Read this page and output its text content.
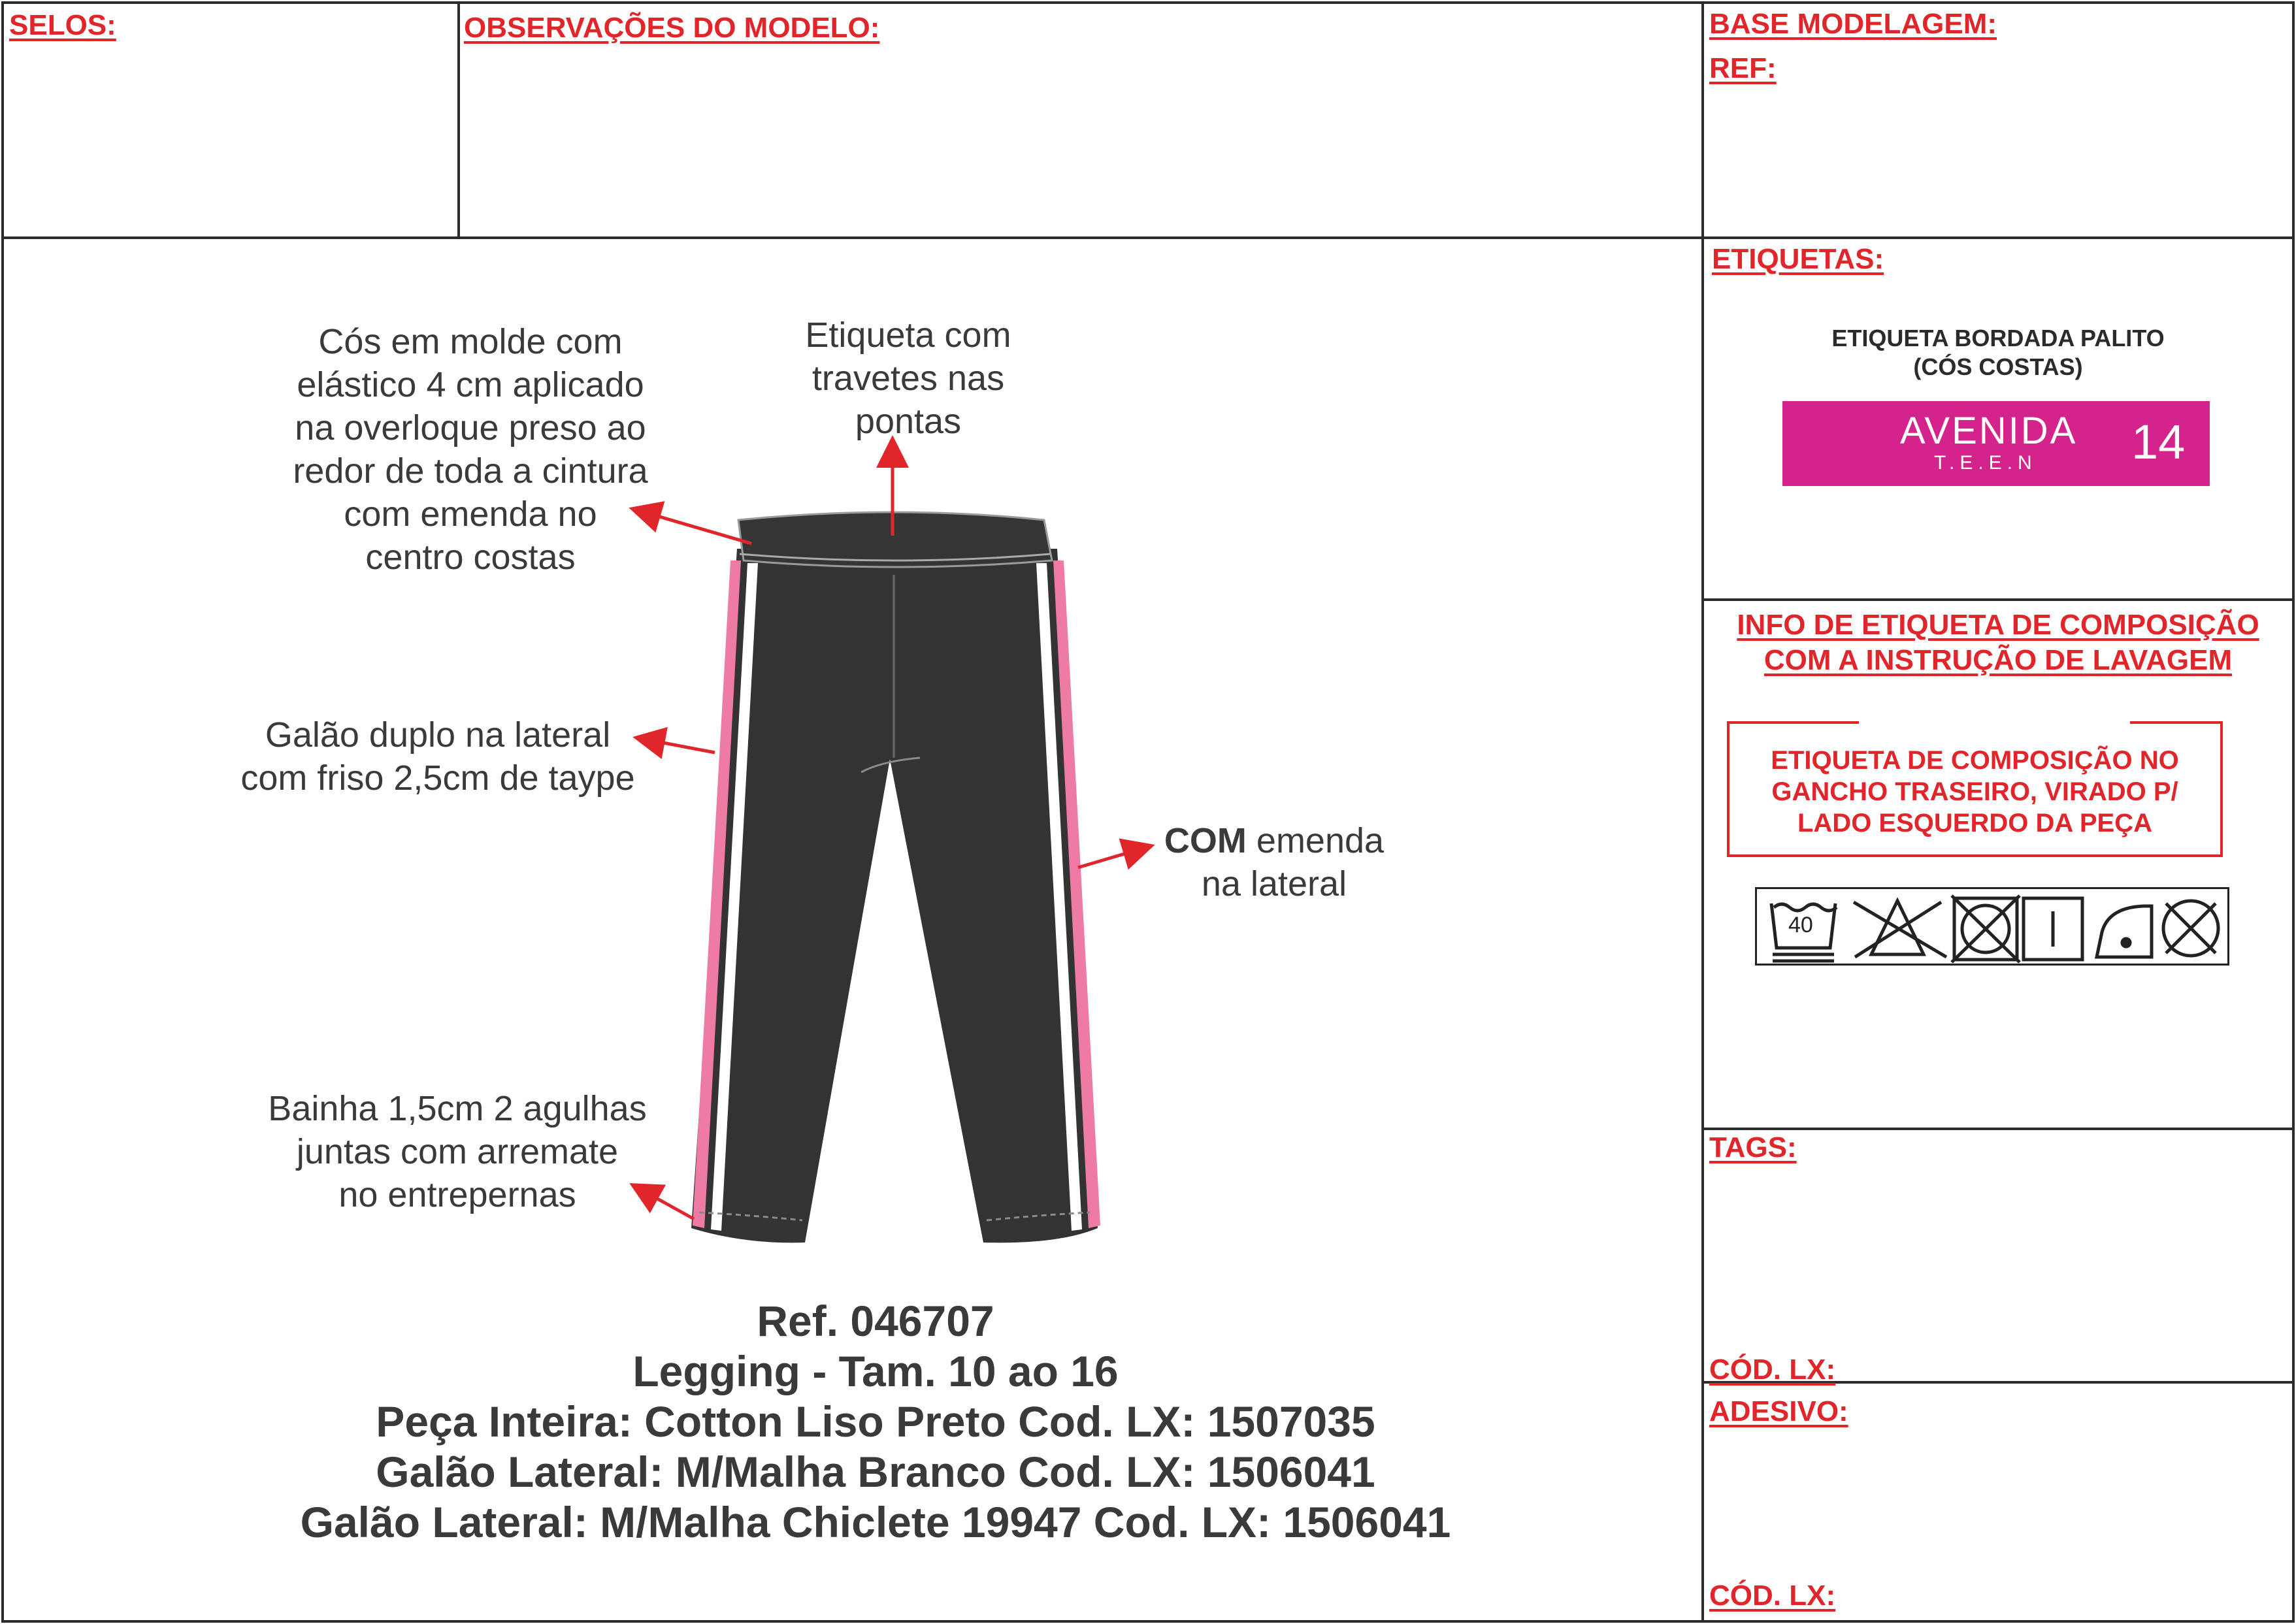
SELOS:	OBSERVAÇÕES DO MODELO:	BASE MODELAGEM:
REF:
ETIQUETAS:
ETIQUETA BORDADA PALITO
(CÓS COSTAS)
AVENIDA
T.E.E.N 14
INFO DE ETIQUETA DE COMPOSIÇÃO
COM A INSTRUÇÃO DE LAVAGEM
ETIQUETA DE COMPOSIÇÃO NO
GANCHO TRASEIRO, VIRADO P/
LADO ESQUERDO DA PEÇA
40
TAGS:
CÓD. LX:
ADESIVO:
CÓD. LX:
Cós em molde com
elástico 4 cm aplicado
na overloque preso ao
redor de toda a cintura
com emenda no
centro costas
Etiqueta com
travetes nas
pontas
Galão duplo na lateral
com friso 2,5cm de taype
COM emenda
na lateral
Bainha 1,5cm 2 agulhas
juntas com arremate
no entrepernas
Ref. 046707
Legging - Tam. 10 ao 16
Peça Inteira: Cotton Liso Preto Cod. LX: 1507035
Galão Lateral: M/Malha Branco Cod. LX: 1506041
Galão Lateral: M/Malha Chiclete 19947 Cod. LX: 1506041
